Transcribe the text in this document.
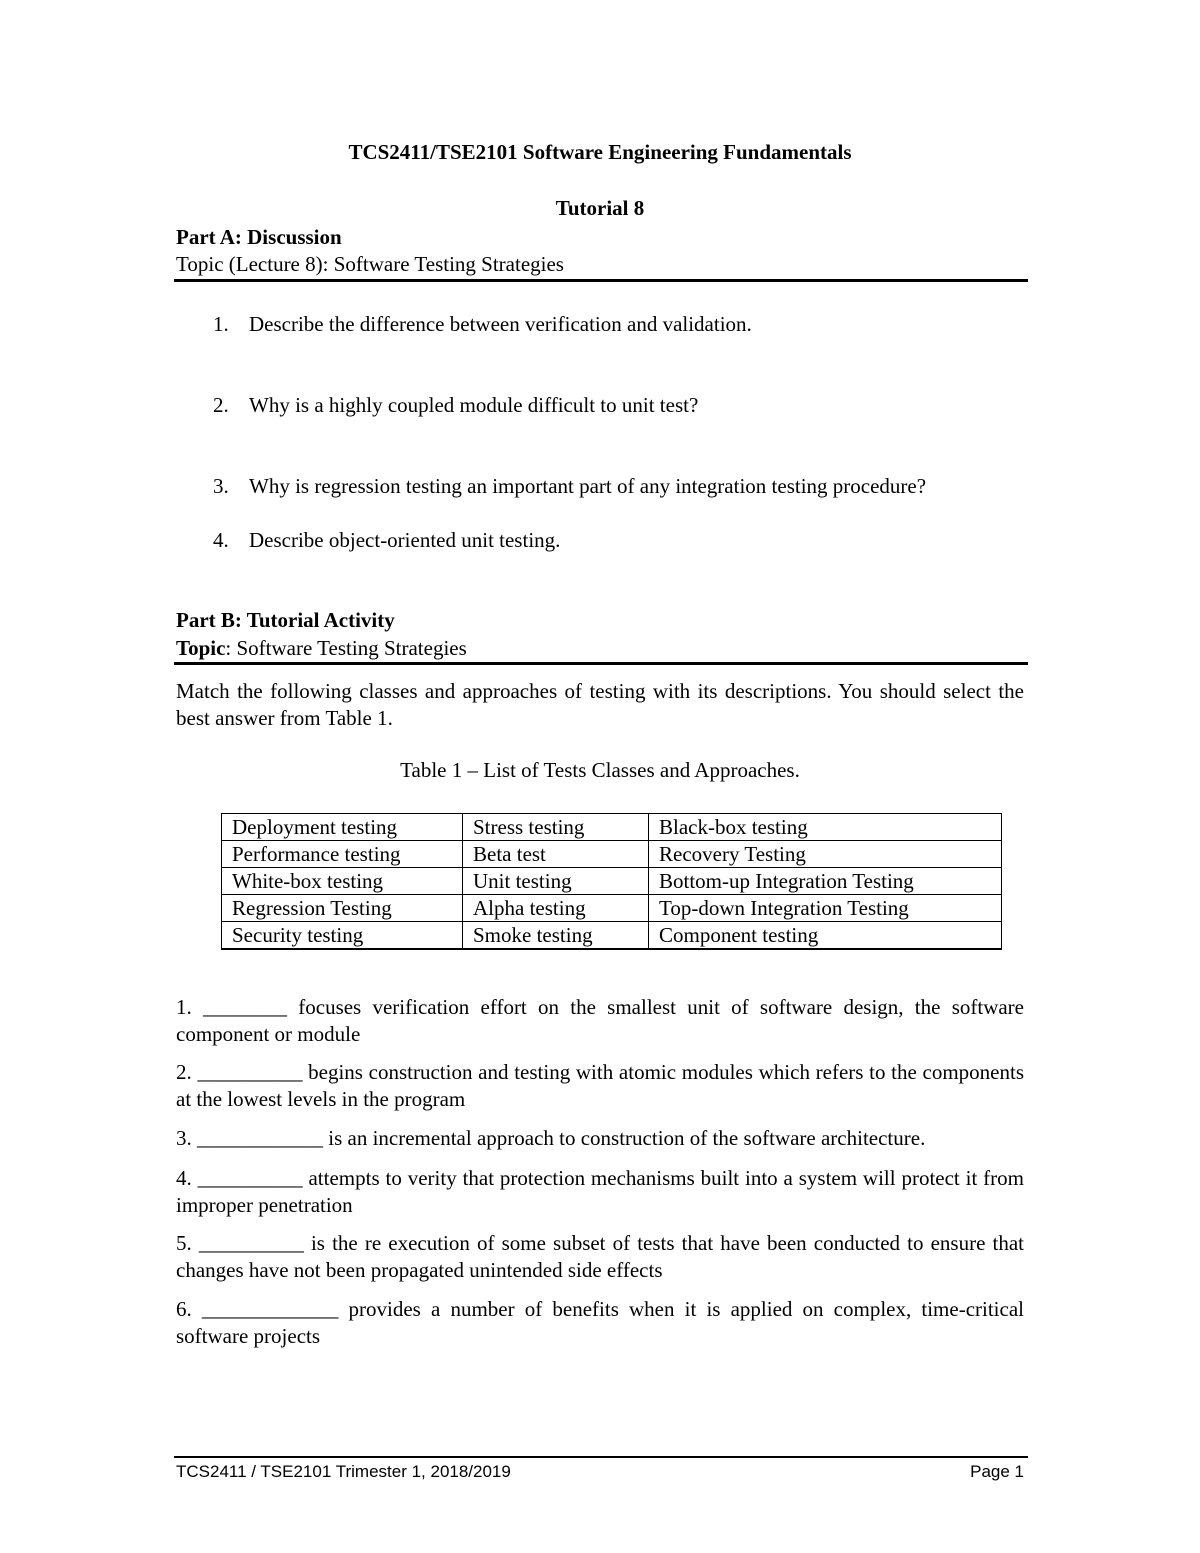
TCS2411/TSE2101 Software Engineering Fundamentals
Tutorial 8
Part A: Discussion
Topic (Lecture 8): Software Testing Strategies
1. Describe the difference between verification and validation.
2. Why is a highly coupled module difficult to unit test?
3. Why is regression testing an important part of any integration testing procedure?
4. Describe object-oriented unit testing.
Part B: Tutorial Activity
Topic: Software Testing Strategies
Match the following classes and approaches of testing with its descriptions. You should select the best answer from Table 1.
Table 1 – List of Tests Classes and Approaches.
Deployment testing	Stress testing	Black-box testing
Performance testing	Beta test	Recovery Testing
White-box testing	Unit testing	Bottom-up Integration Testing
Regression Testing	Alpha testing	Top-down Integration Testing
Security testing	Smoke testing	Component testing
1. ________ focuses verification effort on the smallest unit of software design, the software component or module
2. __________ begins construction and testing with atomic modules which refers to the components at the lowest levels in the program
3. ____________ is an incremental approach to construction of the software architecture.
4. __________ attempts to verity that protection mechanisms built into a system will protect it from improper penetration
5. __________ is the re execution of some subset of tests that have been conducted to ensure that changes have not been propagated unintended side effects
6. _____________ provides a number of benefits when it is applied on complex, time-critical software projects
TCS2411 / TSE2101 Trimester 1, 2018/2019	Page 1
